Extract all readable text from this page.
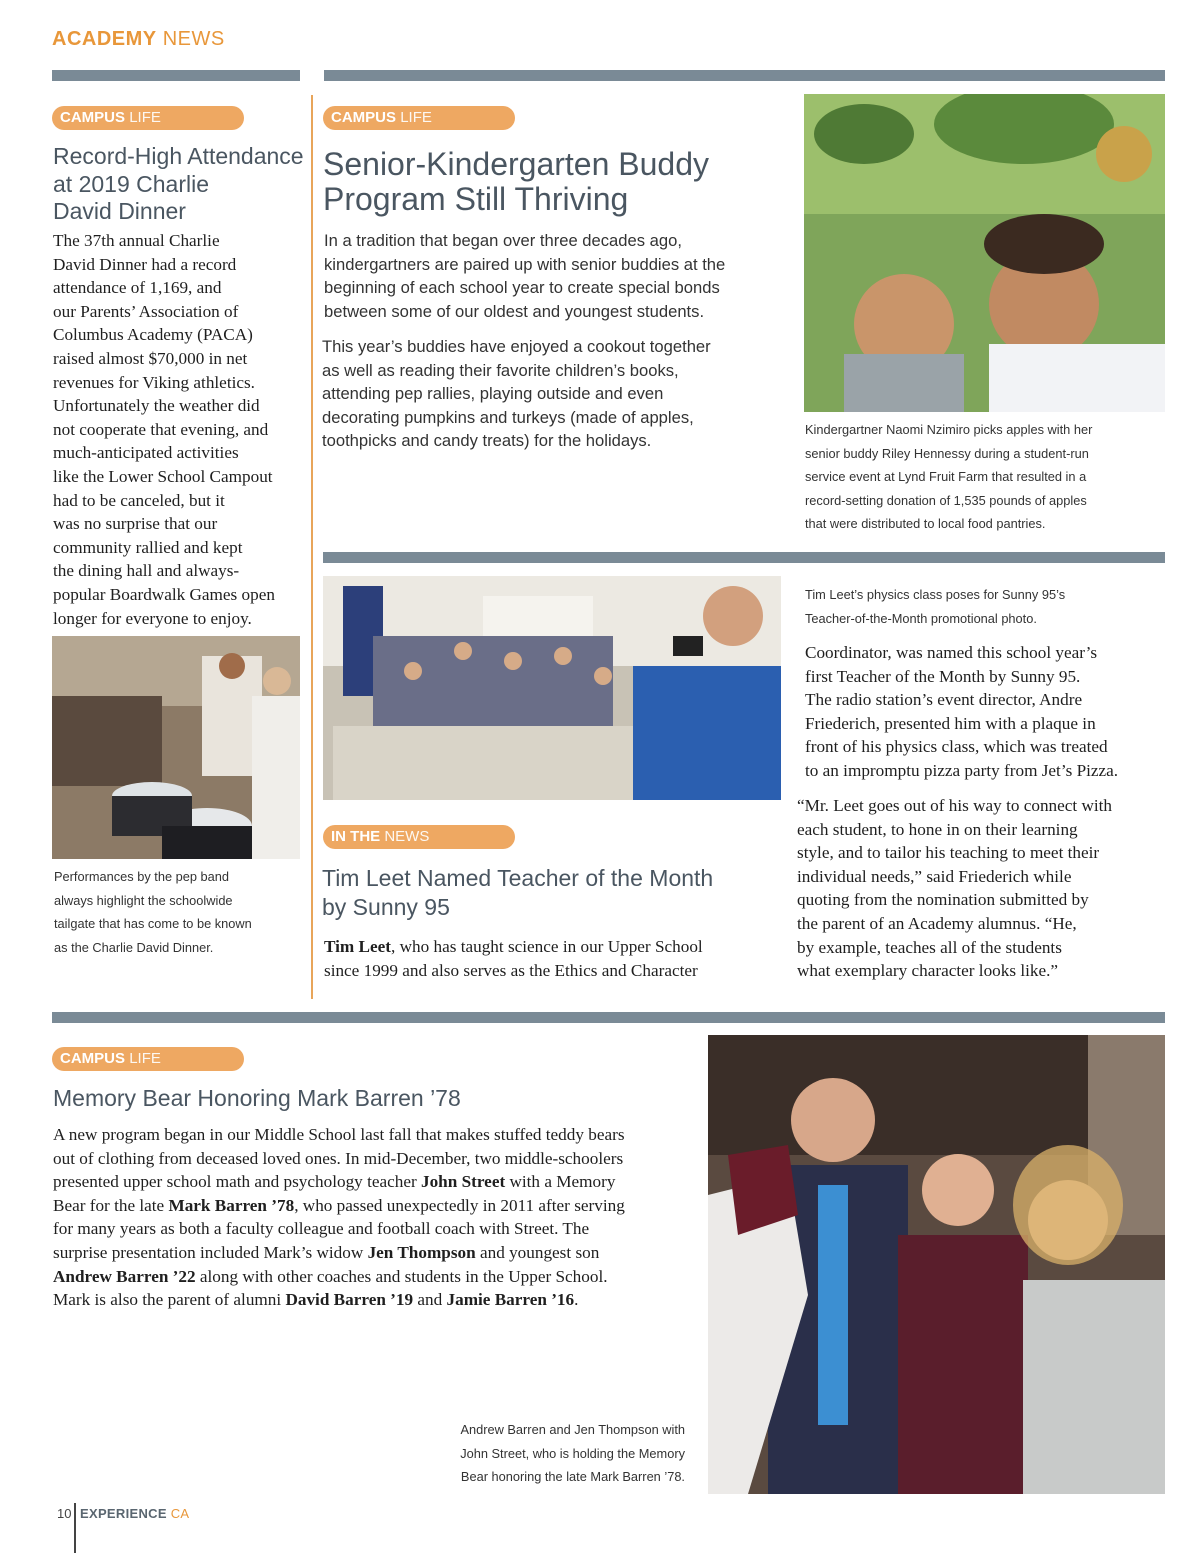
ACADEMY NEWS
CAMPUS LIFE
Record-High Attendance
at 2019 Charlie
David Dinner
The 37th annual Charlie
David Dinner had a record
attendance of 1,169, and
our Parents’ Association of
Columbus Academy (PACA)
raised almost $70,000 in net
revenues for Viking athletics.
Unfortunately the weather did
not cooperate that evening, and
much-anticipated activities
like the Lower School Campout
had to be canceled, but it
was no surprise that our
community rallied and kept
the dining hall and always-
popular Boardwalk Games open
longer for everyone to enjoy.
Performances by the pep band
always highlight the schoolwide
tailgate that has come to be known
as the Charlie David Dinner.
CAMPUS LIFE
Senior-Kindergarten Buddy
Program Still Thriving
In a tradition that began over three decades ago,
kindergartners are paired up with senior buddies at the
beginning of each school year to create special bonds
between some of our oldest and youngest students.
This year’s buddies have enjoyed a cookout together
as well as reading their favorite children’s books,
attending pep rallies, playing outside and even
decorating pumpkins and turkeys (made of apples,
toothpicks and candy treats) for the holidays.
Kindergartner Naomi Nzimiro picks apples with her
senior buddy Riley Hennessy during a student-run
service event at Lynd Fruit Farm that resulted in a
record-setting donation of 1,535 pounds of apples
that were distributed to local food pantries.
Tim Leet’s physics class poses for Sunny 95’s
Teacher-of-the-Month promotional photo.
IN THE NEWS
Tim Leet Named Teacher of the Month
by Sunny 95
Tim Leet, who has taught science in our Upper School
since 1999 and also serves as the Ethics and Character
Coordinator, was named this school year’s
first Teacher of the Month by Sunny 95.
The radio station’s event director, Andre
Friederich, presented him with a plaque in
front of his physics class, which was treated
to an impromptu pizza party from Jet’s Pizza.
“Mr. Leet goes out of his way to connect with
each student, to hone in on their learning
style, and to tailor his teaching to meet their
individual needs,” said Friederich while
quoting from the nomination submitted by
the parent of an Academy alumnus. “He,
by example, teaches all of the students
what exemplary character looks like.”
CAMPUS LIFE
Memory Bear Honoring Mark Barren ’78
A new program began in our Middle School last fall that makes stuffed teddy bears
out of clothing from deceased loved ones. In mid-December, two middle-schoolers
presented upper school math and psychology teacher John Street with a Memory
Bear for the late Mark Barren ’78, who passed unexpectedly in 2011 after serving
for many years as both a faculty colleague and football coach with Street. The
surprise presentation included Mark’s widow Jen Thompson and youngest son
Andrew Barren ’22 along with other coaches and students in the Upper School.
Mark is also the parent of alumni David Barren ’19 and Jamie Barren ’16.
Andrew Barren and Jen Thompson with
John Street, who is holding the Memory
Bear honoring the late Mark Barren ’78.
10 EXPERIENCE CA
